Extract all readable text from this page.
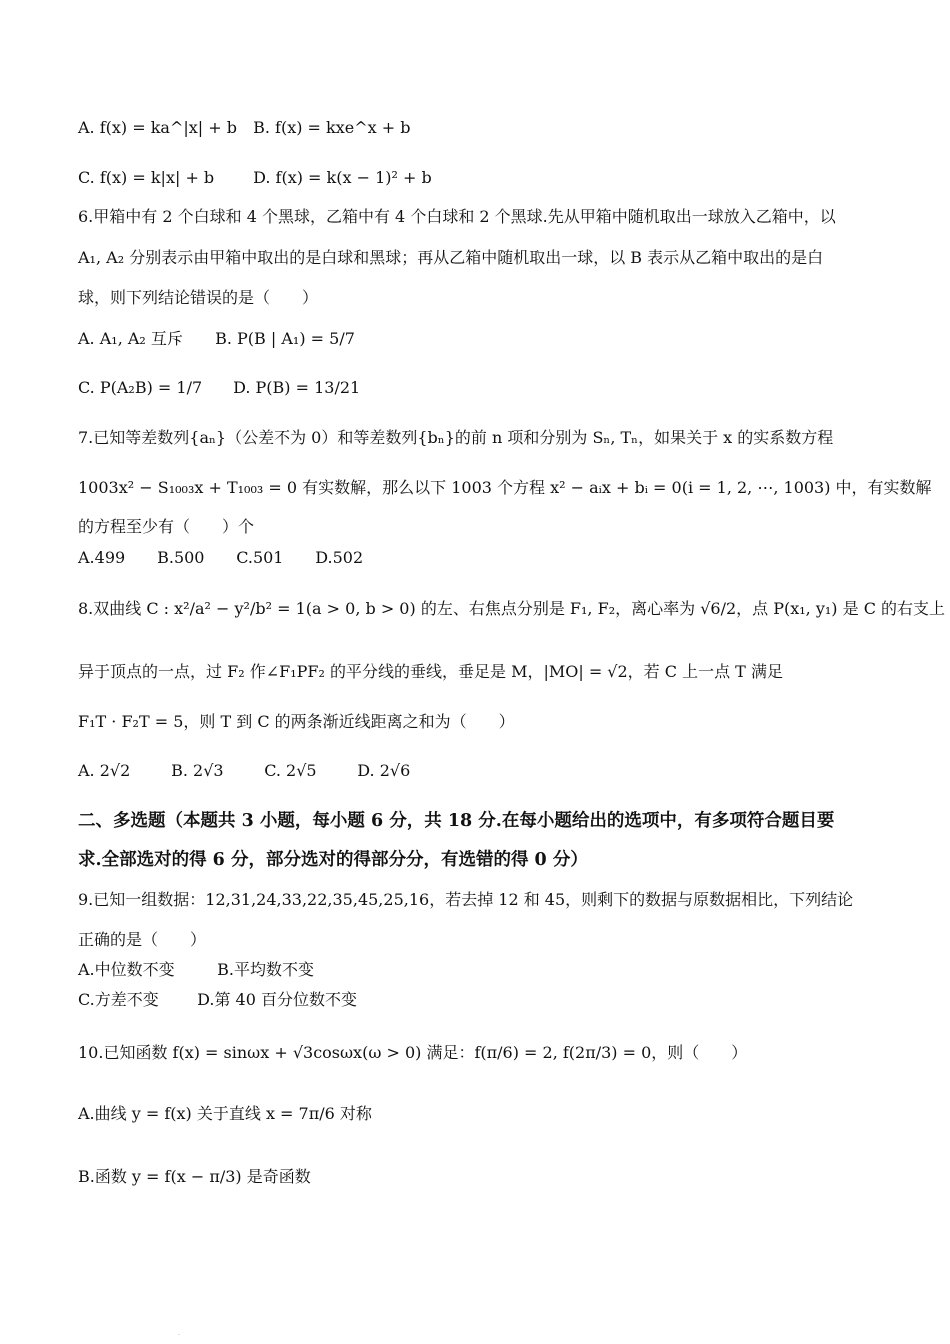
A. f(x) = ka^|x| + b B. f(x) = kxe^x + b
C. f(x) = k|x| + b D. f(x) = k(x − 1)² + b
6.甲箱中有 2 个白球和 4 个黑球，乙箱中有 4 个白球和 2 个黑球.先从甲箱中随机取出一球放入乙箱中，以
A₁, A₂ 分别表示由甲箱中取出的是白球和黑球；再从乙箱中随机取出一球，以 B 表示从乙箱中取出的是白
球，则下列结论错误的是（　　）
A. A₁, A₂ 互斥 B. P(B | A₁) = 5/7
C. P(A₂B) = 1/7 D. P(B) = 13/21
7.已知等差数列{aₙ}（公差不为 0）和等差数列{bₙ}的前 n 项和分别为 Sₙ, Tₙ，如果关于 x 的实系数方程
1003x² − S₁₀₀₃x + T₁₀₀₃ = 0 有实数解，那么以下 1003 个方程 x² − aᵢx + bᵢ = 0(i = 1, 2, ⋯, 1003) 中，有实数解
的方程至少有（　　）个
A.499 B.500 C.501 D.502
8.双曲线 C : x²/a² − y²/b² = 1(a > 0, b > 0) 的左、右焦点分别是 F₁, F₂，离心率为 √6/2，点 P(x₁, y₁) 是 C 的右支上
异于顶点的一点，过 F₂ 作∠F₁PF₂ 的平分线的垂线，垂足是 M，|MO| = √2，若 C 上一点 T 满足
F₁T · F₂T = 5，则 T 到 C 的两条渐近线距离之和为（　　）
A. 2√2	B. 2√3	C. 2√5	D. 2√6
二、多选题（本题共 3 小题，每小题 6 分，共 18 分.在每小题给出的选项中，有多项符合题目要
求.全部选对的得 6 分，部分选对的得部分分，有选错的得 0 分）
9.已知一组数据：12,31,24,33,22,35,45,25,16，若去掉 12 和 45，则剩下的数据与原数据相比，下列结论
正确的是（　　）
A.中位数不变	B.平均数不变
C.方差不变 D.第 40 百分位数不变
10.已知函数 f(x) = sinωx + √3cosωx(ω > 0) 满足：f(π/6) = 2, f(2π/3) = 0，则（　　）
A.曲线 y = f(x) 关于直线 x = 7π/6 对称
B.函数 y = f(x − π/3) 是奇函数
.
